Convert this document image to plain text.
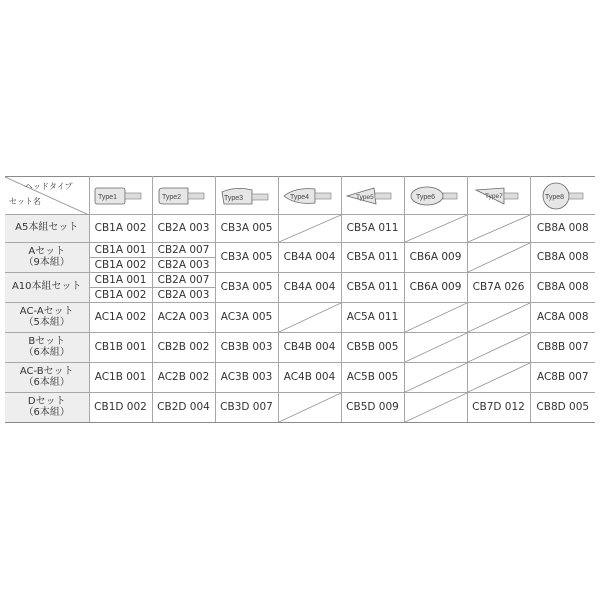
ヘッドタイプ
セット名	Type1	Type2	Type3	Type4	Type5	Type6	Type7	Type8

A5本組セット	CB1A 002	CB2A 003	CB3A 005		CB5A 011			CB8A 008

Aセット
（9本組）	CB1A 001	CB2A 007	CB3A 005	CB4A 004	CB5A 011	CB6A 009		CB8A 008
	CB1A 002	CB2A 003						
A10本組セット	CB1A 001	CB2A 007	CB3A 005	CB4A 004	CB5A 011	CB6A 009	CB7A 026	CB8A 008
	CB1A 002	CB2A 003						

AC-Aセット
（5本組）	AC1A 002	AC2A 003	AC3A 005		AC5A 011			AC8A 008

Bセット
（6本組）	CB1B 001	CB2B 002	CB3B 003	CB4B 004	CB5B 005			CB8B 007

AC-Bセット
（6本組）	AC1B 001	AC2B 002	AC3B 003	AC4B 004	AC5B 005			AC8B 007

Dセット
（6本組）	CB1D 002	CB2D 004	CB3D 007		CB5D 009		CB7D 012	CB8D 005
